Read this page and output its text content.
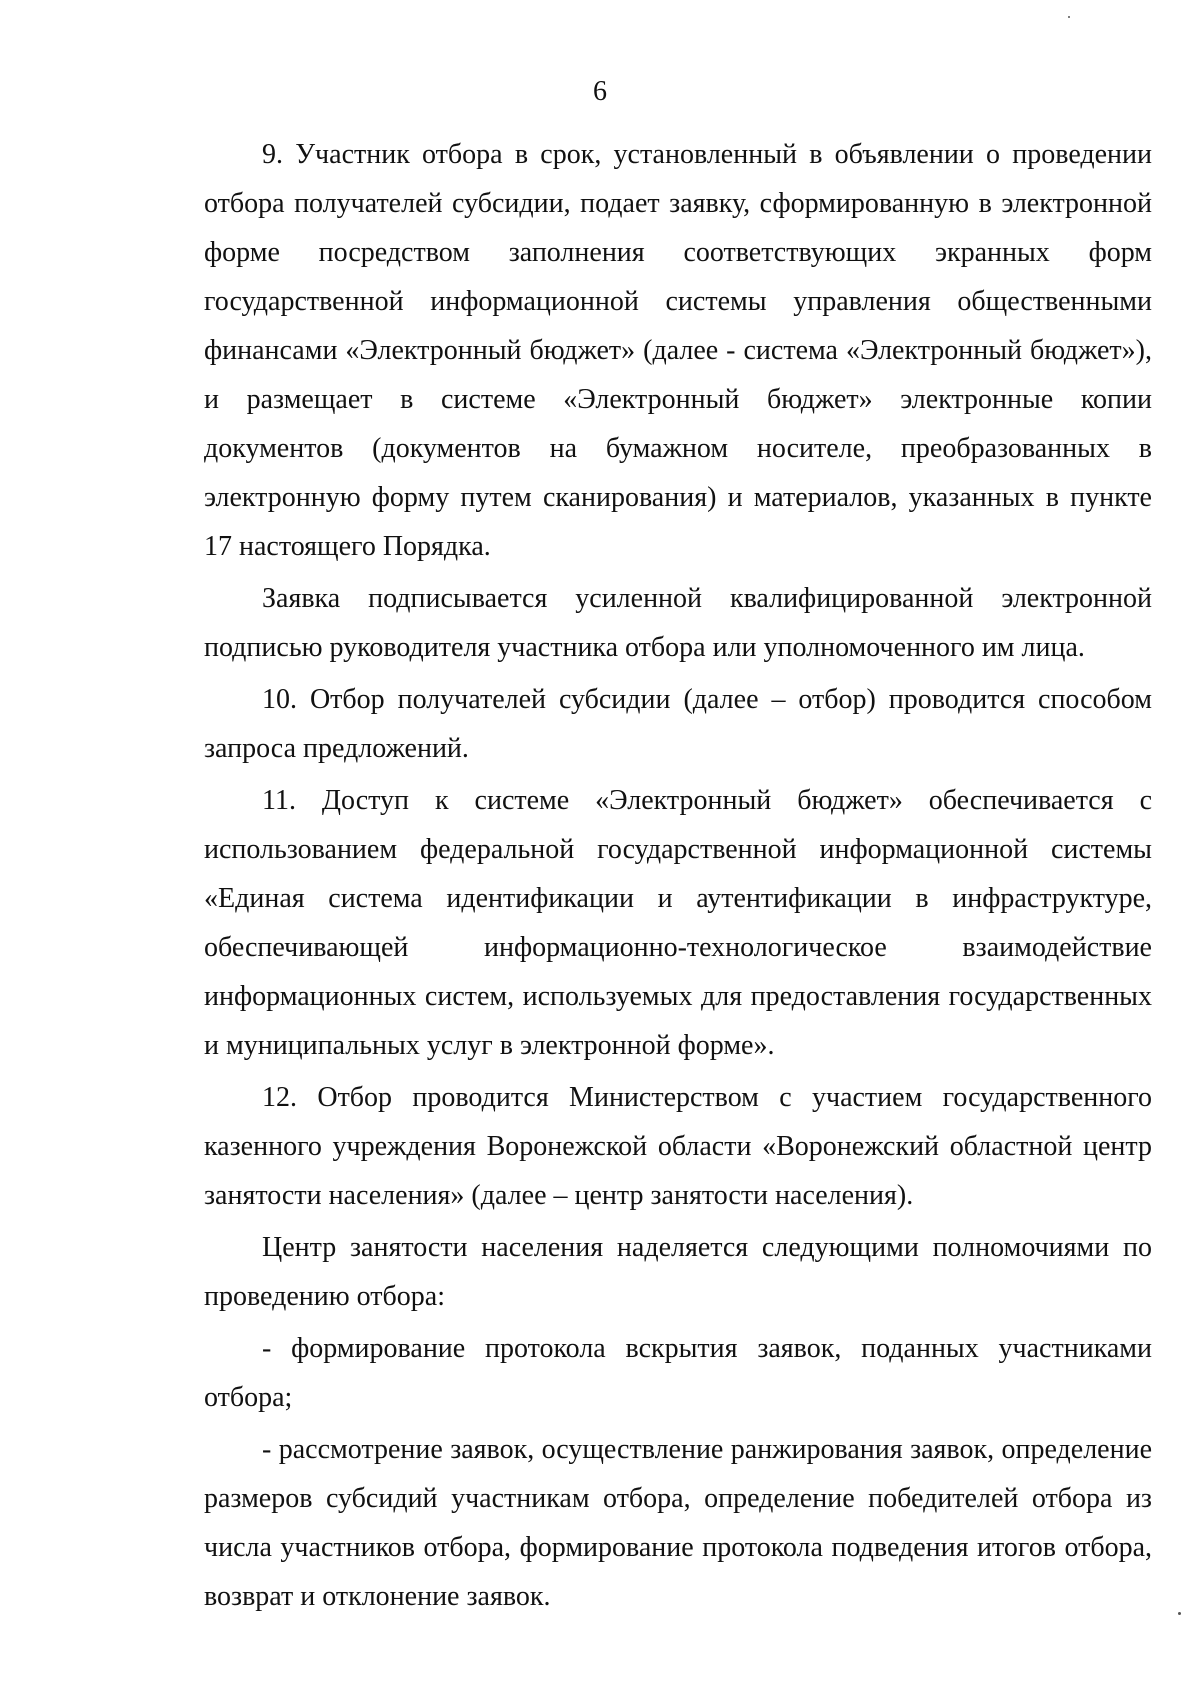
6

9. Участник отбора в срок, установленный в объявлении о проведении отбора получателей субсидии, подает заявку, сформированную в электронной форме посредством заполнения соответствующих экранных форм государственной информационной системы управления общественными финансами «Электронный бюджет» (далее - система «Электронный бюджет»), и размещает в системе «Электронный бюджет» электронные копии документов (документов на бумажном носителе, преобразованных в электронную форму путем сканирования) и материалов, указанных в пункте 17 настоящего Порядка.

Заявка подписывается усиленной квалифицированной электронной подписью руководителя участника отбора или уполномоченного им лица.

10. Отбор получателей субсидии (далее – отбор) проводится способом запроса предложений.

11. Доступ к системе «Электронный бюджет» обеспечивается с использованием федеральной государственной информационной системы «Единая система идентификации и аутентификации в инфраструктуре, обеспечивающей информационно-технологическое взаимодействие информационных систем, используемых для предоставления государственных и муниципальных услуг в электронной форме».

12. Отбор проводится Министерством с участием государственного казенного учреждения Воронежской области «Воронежский областной центр занятости населения» (далее – центр занятости населения).

Центр занятости населения наделяется следующими полномочиями по проведению отбора:

- формирование протокола вскрытия заявок, поданных участниками отбора;

- рассмотрение заявок, осуществление ранжирования заявок, определение размеров субсидий участникам отбора, определение победителей отбора из числа участников отбора, формирование протокола подведения итогов отбора, возврат и отклонение заявок.
